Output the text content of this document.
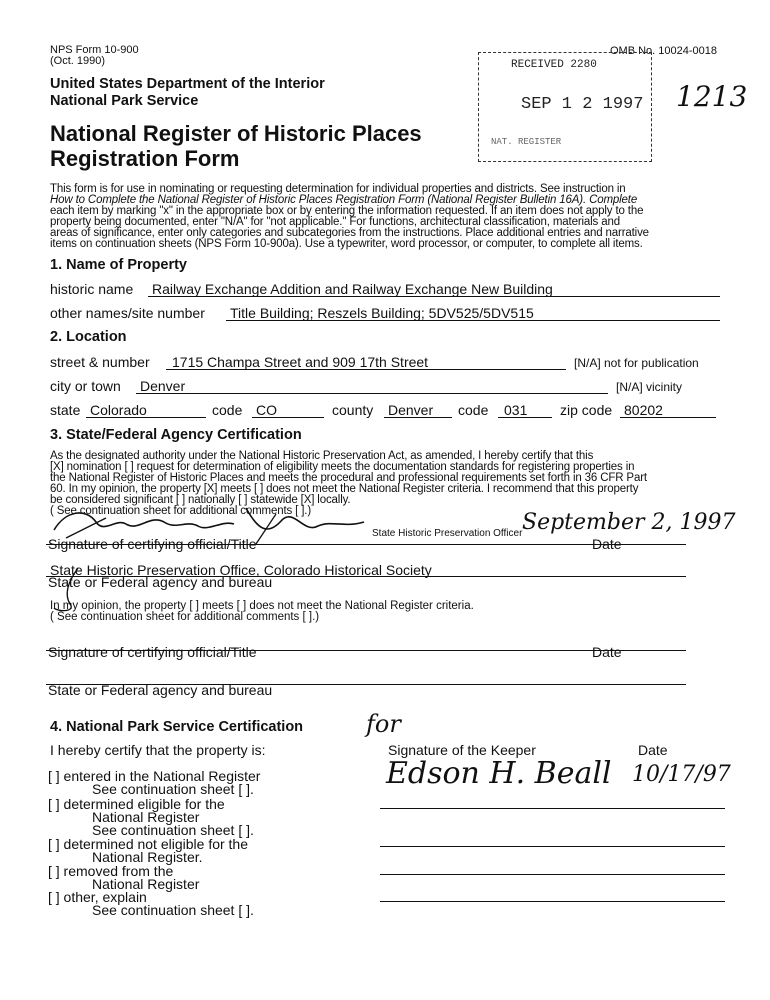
NPS Form 10-900
(Oct. 1990)
OMB No. 10024-0018
United States Department of the Interior
National Park Service
National Register of Historic Places
Registration Form
RECEIVED 2280
SEP 1 2 1997
NAT. REGISTER
1213
This form is for use in nominating or requesting determination for individual properties and districts. See instruction in
How to Complete the National Register of Historic Places Registration Form (National Register Bulletin 16A). Complete
each item by marking "x" in the appropriate box or by entering the information requested. If an item does not apply to the
property being documented, enter "N/A" for "not applicable." For functions, architectural classification, materials and
areas of significance, enter only categories and subcategories from the instructions. Place additional entries and narrative
items on continuation sheets (NPS Form 10-900a). Use a typewriter, word processor, or computer, to complete all items.
1. Name of Property
historic name Railway Exchange Addition and Railway Exchange New Building
other names/site number Title Building; Reszels Building; 5DV525/5DV515
2. Location
street & number 1715 Champa Street and 909 17th Street	[N/A] not for publication
city or town Denver	[N/A] vicinity
state Colorado	code CO	county Denver code 031 zip code 80202
3. State/Federal Agency Certification
As the designated authority under the National Historic Preservation Act, as amended, I hereby certify that this
[X] nomination [ ] request for determination of eligibility meets the documentation standards for registering properties in
the National Register of Historic Places and meets the procedural and professional requirements set forth in 36 CFR Part
60. In my opinion, the property [X] meets [ ] does not meet the National Register criteria. I recommend that this property
be considered significant [ ] nationally [ ] statewide [X] locally.
( See continuation sheet for additional comments [ ].)
State Historic Preservation Officer September 2, 1997
Signature of certifying official/Title	Date
State Historic Preservation Office, Colorado Historical Society
State or Federal agency and bureau
In my opinion, the property [ ] meets [ ] does not meet the National Register criteria.
( See continuation sheet for additional comments [ ].)
Signature of certifying official/Title	Date
State or Federal agency and bureau
4. National Park Service Certification
I hereby certify that the property is:
[ ] entered in the National Register
See continuation sheet [ ].
[ ] determined eligible for the
National Register
See continuation sheet [ ].
[ ] determined not eligible for the
National Register.
[ ] removed from the
National Register
[ ] other, explain
See continuation sheet [ ].
for
Signature of the Keeper	Date
Edson H. Beall 10/17/97
